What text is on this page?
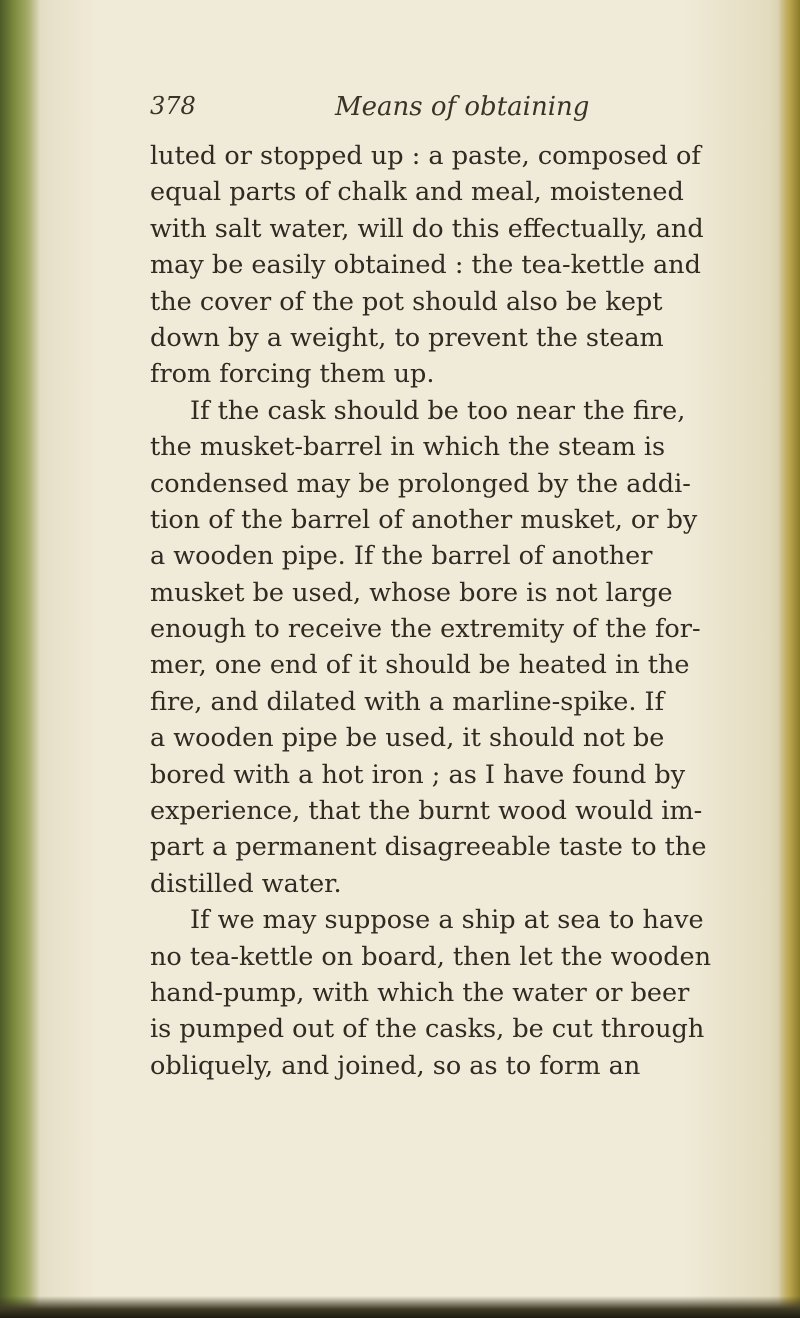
378	Means of obtaining
luted or stopped up : a paste, composed of
equal parts of chalk and meal, moistened
with salt water, will do this effectually, and
may be easily obtained : the tea-kettle and
the cover of the pot should also be kept
down by a weight, to prevent the steam
from forcing them up.
If the cask should be too near the fire,
the musket-barrel in which the steam is
condensed may be prolonged by the addi-
tion of the barrel of another musket, or by
a wooden pipe. If the barrel of another
musket be used, whose bore is not large
enough to receive the extremity of the for-
mer, one end of it should be heated in the
fire, and dilated with a marline-spike. If
a wooden pipe be used, it should not be
bored with a hot iron ; as I have found by
experience, that the burnt wood would im-
part a permanent disagreeable taste to the
distilled water.
If we may suppose a ship at sea to have
no tea-kettle on board, then let the wooden
hand-pump, with which the water or beer
is pumped out of the casks, be cut through
obliquely, and joined, so as to form an
